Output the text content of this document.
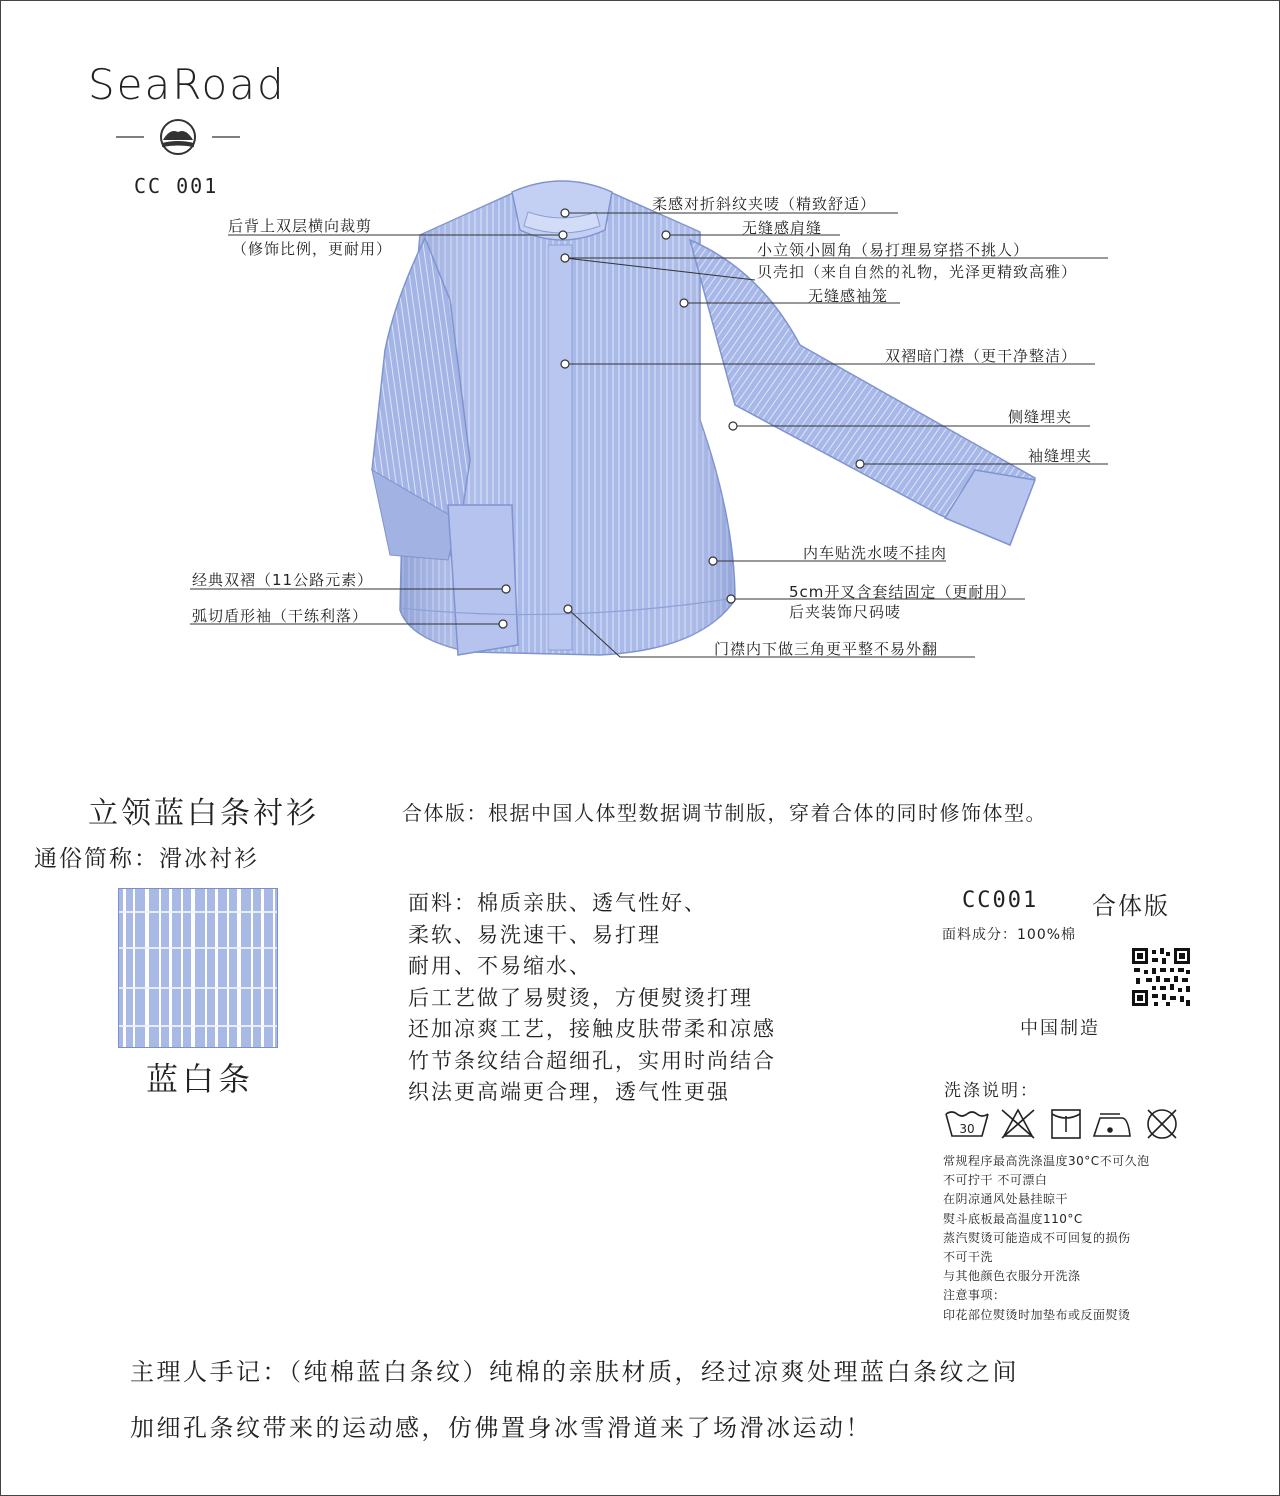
SeaRoad
CC 001
后背上双层横向裁剪
（修饰比例，更耐用）
经典双褶（11公路元素）
弧切盾形袖（干练利落）
柔感对折斜纹夹唛（精致舒适）
无缝感肩缝
小立领小圆角（易打理易穿搭不挑人）
贝壳扣（来自自然的礼物，光泽更精致高雅）
无缝感袖笼
双褶暗门襟（更干净整洁）
侧缝埋夹
袖缝埋夹
内车贴洗水唛不挂肉
5cm开叉含套结固定（更耐用）
后夹装饰尺码唛
门襟内下做三角更平整不易外翻
立领蓝白条衬衫
通俗简称：滑冰衬衫
合体版：根据中国人体型数据调节制版，穿着合体的同时修饰体型。
蓝白条
面料：棉质亲肤、透气性好、
柔软、易洗速干、易打理
耐用、不易缩水、
后工艺做了易熨烫，方便熨烫打理
还加凉爽工艺，接触皮肤带柔和凉感
竹节条纹结合超细孔，实用时尚结合
织法更高端更合理，透气性更强
CC001 合体版
面料成分：100%棉
中国制造
洗涤说明：
30
常规程序最高洗涤温度30°C不可久泡
不可拧干 不可漂白
在阴凉通风处悬挂晾干
熨斗底板最高温度110°C
蒸汽熨烫可能造成不可回复的损伤
不可干洗
与其他颜色衣服分开洗涤
注意事项：
印花部位熨烫时加垫布或反面熨烫
主理人手记：（纯棉蓝白条纹）纯棉的亲肤材质，经过凉爽处理蓝白条纹之间
加细孔条纹带来的运动感，仿佛置身冰雪滑道来了场滑冰运动！
